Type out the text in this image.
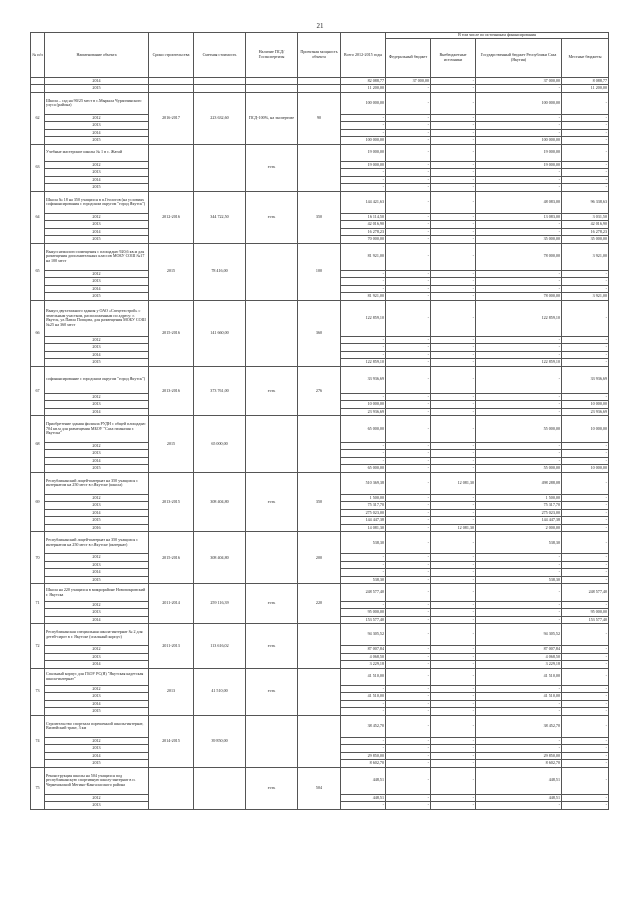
21
№ п/п	Наименование объекта	Сроки строительства	Сметная стоимость	Наличие ПСД/ Госэкспертизы	Проектная мощность объекта	Всего 2012-2015 годы	В том числе по источникам финансирования			
							Федеральный бюджет	Внебюджетные источники	Государственный бюджет Республики Саха (Якутия)	Местные бюджеты
	2014					82 088,77	37 000,00	-	37 000,00	8 088,77
	2015					11 200,00	-	-	-	11 200,00
62	Школа – сад на 90/25 мест в с.Мырыла Чурапчинского улуса (района)	2016-2017	223 632,60	ПСД-100%, на экспертизе	90	100 000,00	-	-	100 000,00	-
	2012					-	-	-	-	-
	2013					-	-	-	-	-
	2014					-	-	-	-	-
	2015					100 000,00	-	-	100 000,00	-
63	Учебные мастерские школы № 1 в с. Жатай			есть		19 000,00	-	-	19 000,00	-
	2012					19 000,00	-	-	19 000,00	-
	2013					-	-	-	-	-
	2014					-	-	-	-	-
	2015					-	-	-	-	-
64	Школа № 18 на 350 учащихся в п.Геологов (на условиях софинансирования с городским округом "город Якутск")	2012-2016	344 722,50	есть	350	144 421,63	-	-	48 083,00	96 338,63
	2012					16 114,50	-	-	13 083,00	3 031,50
	2013					42 016,90	-	-	-	42 016,90
	2014					16 278,23	-	-	-	16 278,23
	2015					70 000,00	-	-	35 000,00	35 000,00
65	Выкуп нежилого помещения с площадью 920,6 кв.м для размещения дополнительных классов МОБУ СОШ №17 на 100 мест	2015	78 416,00		100	81 921,00	-	-	78 000,00	3 921,00
	2012					-	-	-	-	-
	2013					-	-	-	-	-
	2014					-	-	-	-	-
	2015					81 921,00	-	-	78 000,00	3 921,00
66	Выкуп двухэтажного здания у ОАО «Спецтехстрой» с земельным участком, расположенным по адресу: г. Якутск, ул.Павла Попцова, для размещения МОБУ СОШ №25 на 360 мест	2015-2016	141 660,00		360	122 859,10	-	-	122 859,10	-
	2012					-	-	-	-	-
	2013					-	-	-	-	-
	2014					-	-	-	-	-
	2015					122 859,10	-	-	122 859,10	-
67	софинансирование с городским округом "город Якутск")	2013-2016	373 761,00	есть	276	33 936,69	-	-	-	33 936,69
	2012					-	-	-	-	-
	2013					10 000,00	-	-	-	10 000,00
	2014					23 936,69	-	-	-	23 936,69
68	Приобретение здания филиала РУДН с общей площадью 704 кв.м для размещения МБОУ "Саха гимназия г. Якутска"	2015	65 000,00			65 000,00	-	-	55 000,00	10 000,00
	2012					-	-	-	-	-
	2013					-	-	-	-	-
	2014					-	-	-	-	-
	2015					65 000,00	-	-	55 000,00	10 000,00
69	Республиканский лицей-интернат на 350 учащихся с интернатом на 250 мест в г.Якутске (школа)	2013-2015	308 404,80	есть	350	510 369,38	-	12 081,30	498 288,08	-
	2012					1 500,00	-	-	1 500,00	-
	2013					75 317,70	-	-	75 317,70	-
	2014					275 023,00	-	-	275 023,00	-
	2015					144 447,38	-	-	144 447,38	-
	2016					14 081,30	-	12 081,30	2 000,00	-
70	Республиканский лицей-интернат на 350 учащихся с интернатом на 250 мест в г.Якутске (интернат)	2015-2016	308 404,80		200	538,30	-	-	538,30	-
	2012					-	-	-	-	-
	2013					-	-	-	-	-
	2014					-	-	-	-	-
	2015					538,30	-	-	538,30	-
71	Школа на 220 учащихся в микрорайоне Новопокровский г. Якутска	2011-2014	259 116,39	есть	220	248 577,40	-	-	-	248 577,40
	2012					-	-	-	-	-
	2013					95 000,00	-	-	-	95 000,00
	2014					153 577,40	-	-	-	153 577,40
72	Республиканская специальная школа-интернат № 2 для детей-сирот в г. Якутске (спальный корпус)	2011-2013	113 616,02	есть		94 305,52	-	-	94 305,52	-
	2012					87 007,84	-	-	87 007,84	-
	2013					4 068,50	-	-	4 068,50	-
	2014					3 229,18	-	-	3 229,18	-
73	Спальный корпус для ГБОУ РС(Я) "Якутская кадетская школа-интернат"	2013	41 510,00	есть		41 510,00	-	-	41 510,00	-
	2012					-	-	-	-	-
	2013					41 510,00	-	-	41 510,00	-
	2014					-	-	-	-	-
	2015					-	-	-	-	-
74	Строительство спортзала порешенной школы-интернат, Вилюйский тракт, 3 км	2014-2015	39 850,00			38 452,70	-	-	38 452,70	-
	2012					-	-	-	-	-
	2013					-	-	-	-	-
	2014					29 850,00	-	-	29 850,00	-
	2015					8 602,70	-	-	8 602,70	-
75	Реконструкция школы на 504 учащихся под республиканскую спортивную школу-интернат в п. Черкехинский Мегино-Кангаласского района			есть	504	448,51	-	-	448,51	-
	2012					448,51	-	-	448,51	-
	2013					-	-	-	-	-
